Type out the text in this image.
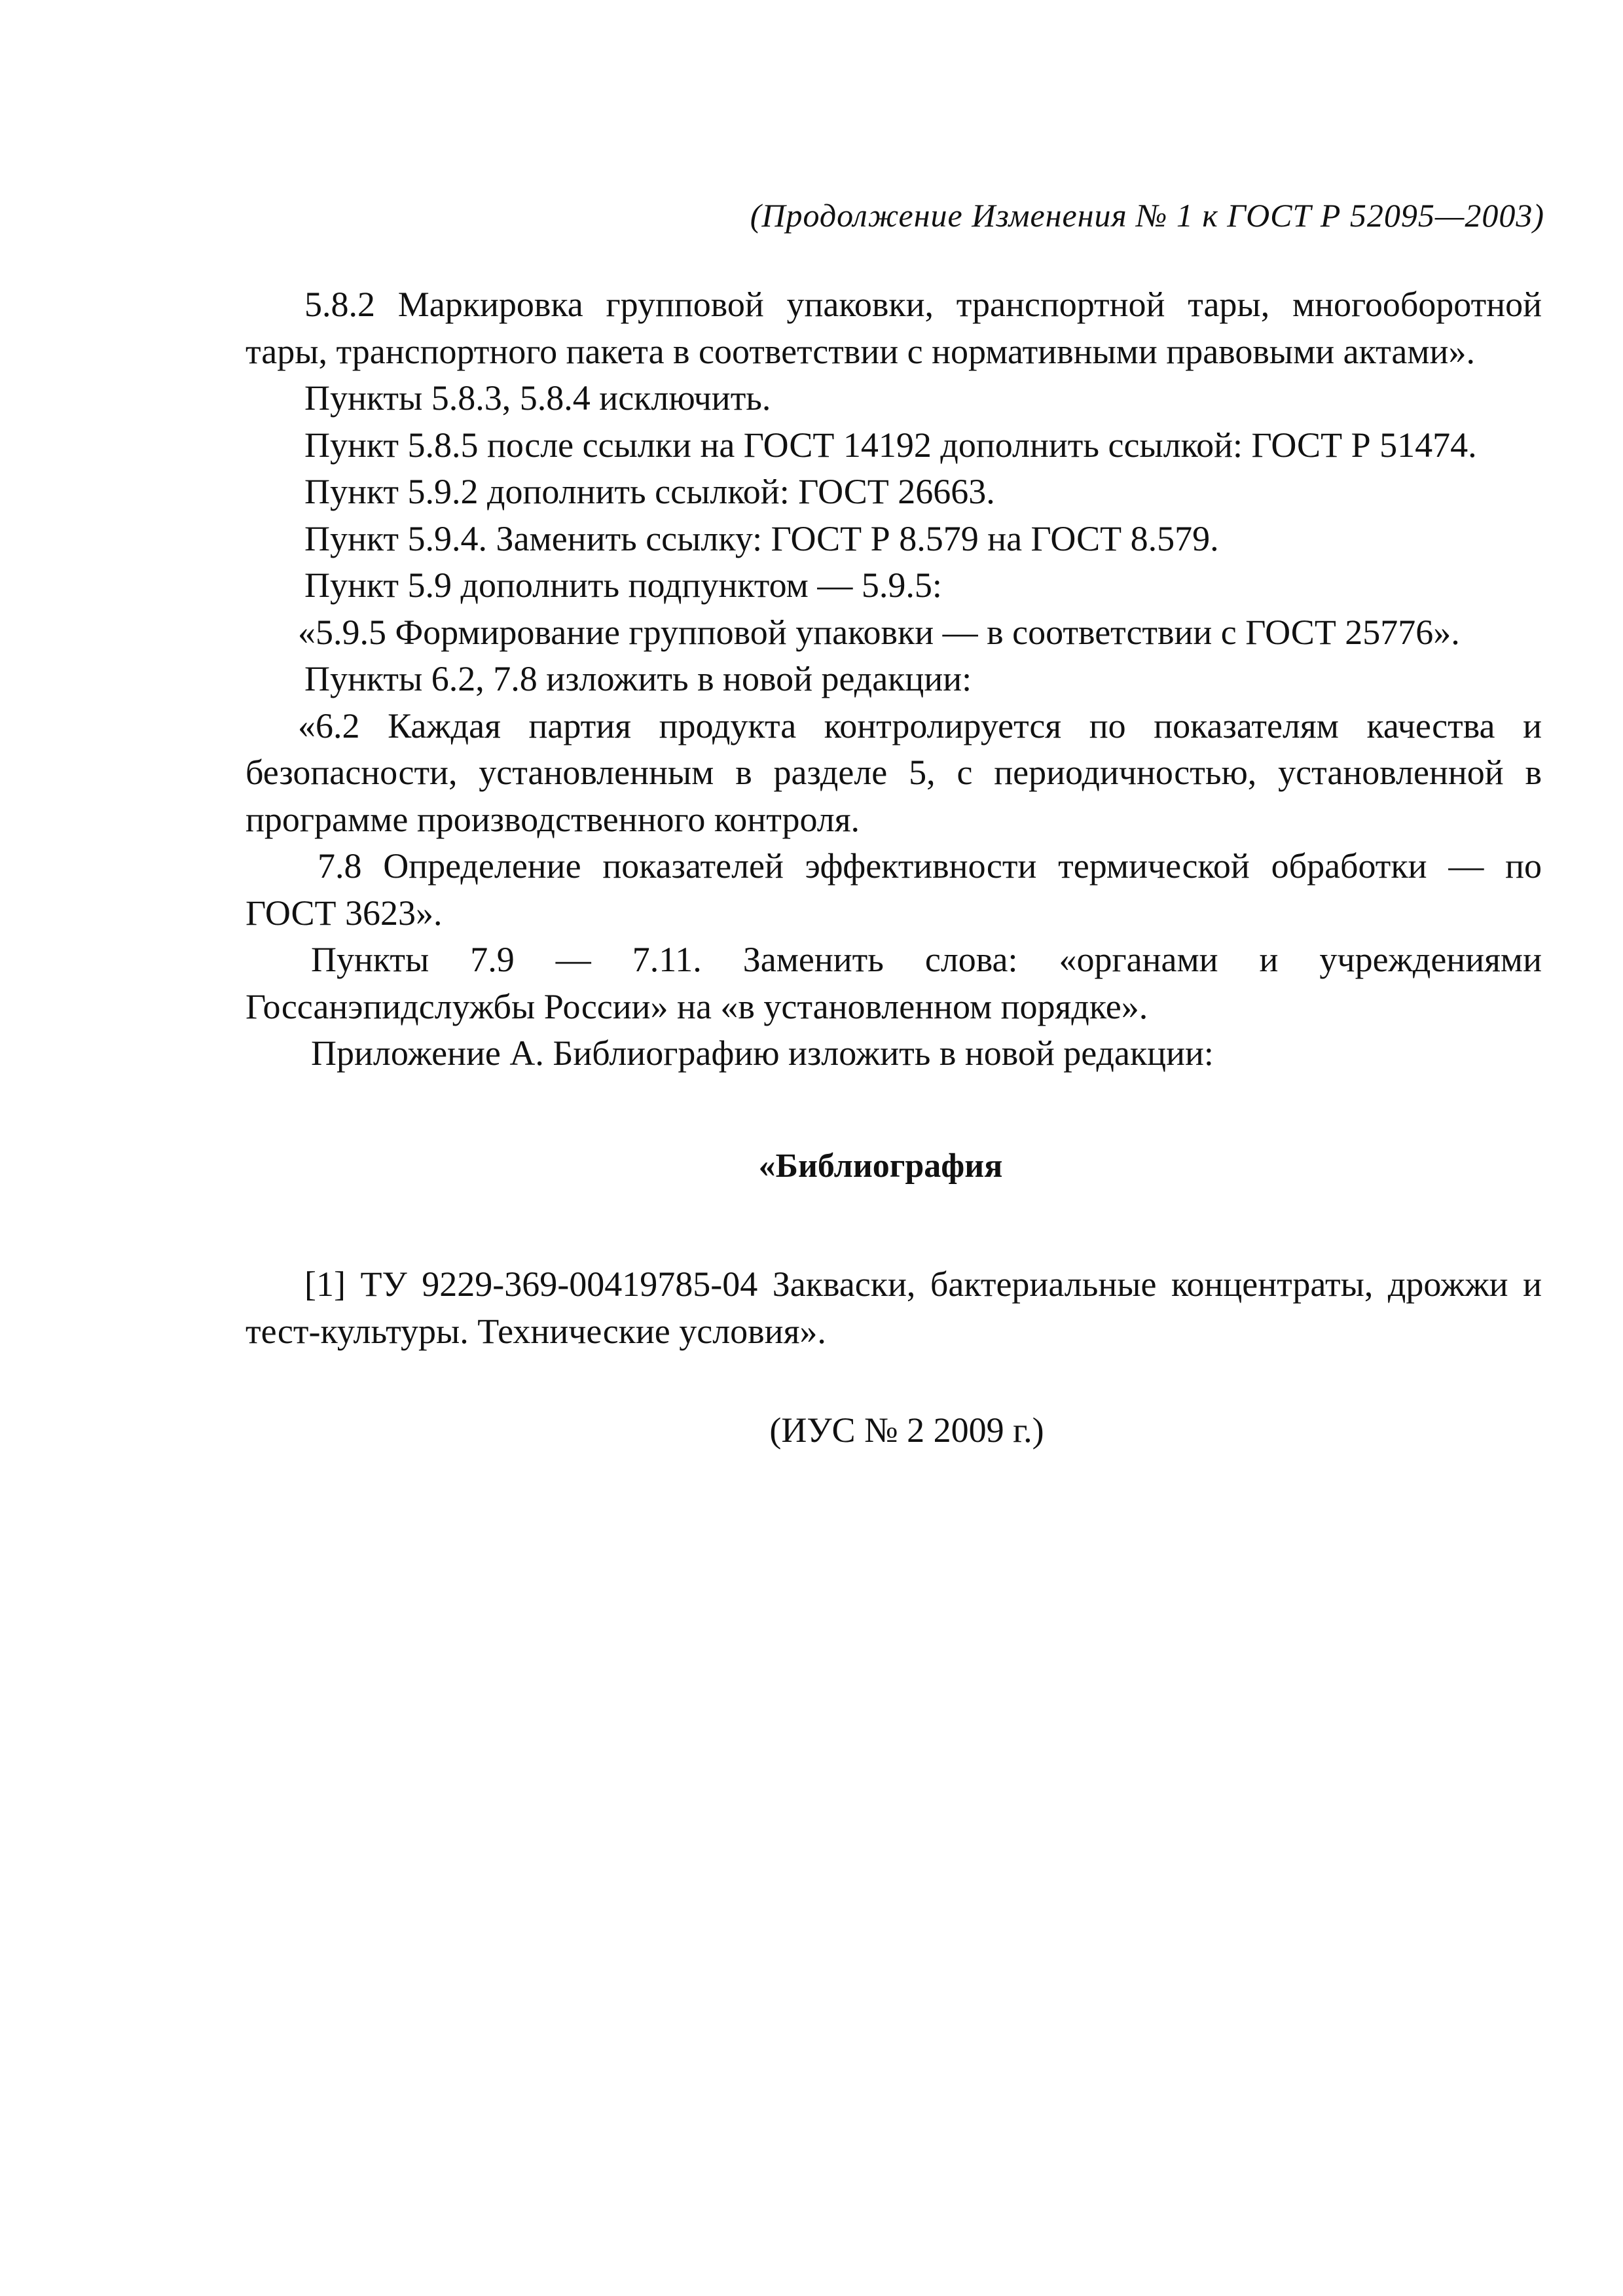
(Продолжение Изменения № 1 к ГОСТ Р 52095—2003)

5.8.2 Маркировка групповой упаковки, транспортной тары, многооборотной тары, транспортного пакета в соответствии с нормативными правовыми актами».

Пункты 5.8.3, 5.8.4 исключить.

Пункт 5.8.5 после ссылки на ГОСТ 14192 дополнить ссылкой: ГОСТ Р 51474.

Пункт 5.9.2 дополнить ссылкой: ГОСТ 26663.

Пункт 5.9.4. Заменить ссылку: ГОСТ Р 8.579 на ГОСТ 8.579.

Пункт 5.9 дополнить подпунктом — 5.9.5:

«5.9.5 Формирование групповой упаковки — в соответствии с ГОСТ 25776».

Пункты 6.2, 7.8 изложить в новой редакции:

«6.2 Каждая партия продукта контролируется по показателям качества и безопасности, установленным в разделе 5, с периодичностью, установленной в программе производственного контроля.

7.8 Определение показателей эффективности термической обработки — по ГОСТ 3623».

Пункты 7.9 — 7.11. Заменить слова: «органами и учреждениями Госсанэпидслужбы России» на «в установленном порядке».

Приложение А. Библиографию изложить в новой редакции:

«Библиография

[1] ТУ 9229-369-00419785-04 Закваски, бактериальные концентраты, дрожжи и тест-культуры. Технические условия».

(ИУС № 2 2009 г.)
